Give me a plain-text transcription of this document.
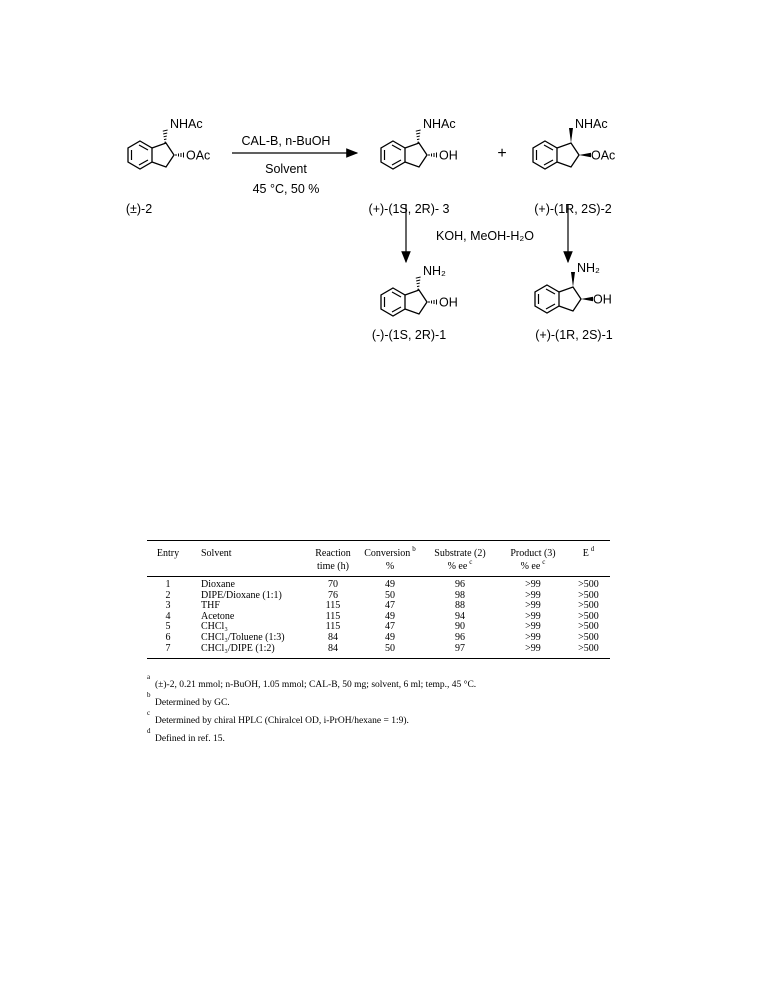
NHAc
OAc
(±)-2
CAL-B, n-BuOH
Solvent
45 °C, 50 %
NHAc
OH
(+)-(1S, 2R)- 3
+
NHAc
OAc
(+)-(1R, 2S)-2
KOH, MeOH-H₂O
NH₂
OH
(-)-(1S, 2R)-1
NH₂
OH
(+)-(1R, 2S)-1
Entry	Solvent	Reaction	Conversion $^b$	Substrate (2)	Product (3)	E $^d$
		time (h)	%	% ee $^c$	% ee $^c$	
1	Dioxane	70	49	96	>99	>500
2	DIPE/Dioxane (1:1)	76	50	98	>99	>500
3	THF	115	47	88	>99	>500
4	Acetone	115	49	94	>99	>500
5	CHCl₃	115	47	90	>99	>500
6	CHCl₃/Toluene (1:3)	84	49	96	>99	>500
7	CHCl₃/DIPE (1:2)	84	50	97	>99	>500
a
(±)-2, 0.21 mmol; n-BuOH, 1.05 mmol; CAL-B, 50 mg; solvent, 6 ml; temp., 45 °C.
b
Determined by GC.
c
Determined by chiral HPLC (Chiralcel OD, i-PrOH/hexane = 1:9).
d
Defined in ref. 15.
